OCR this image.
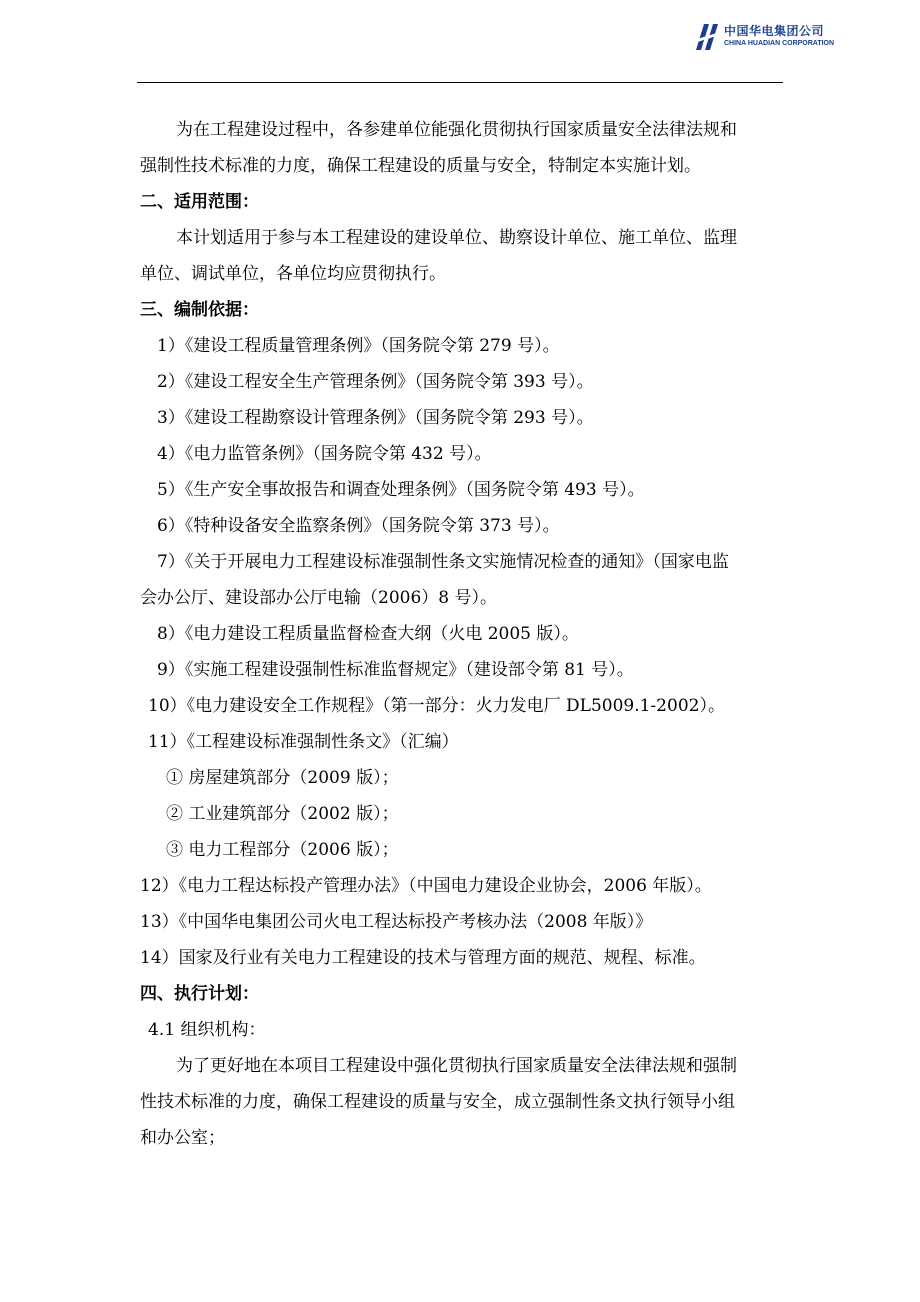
中国华电集团公司
CHINA HUADIAN CORPORATION
为在工程建设过程中，各参建单位能强化贯彻执行国家质量安全法律法规和
强制性技术标准的力度，确保工程建设的质量与安全，特制定本实施计划。
二、适用范围：
本计划适用于参与本工程建设的建设单位、勘察设计单位、施工单位、监理
单位、调试单位，各单位均应贯彻执行。
三、编制依据：
1）《建设工程质量管理条例》（国务院令第 279 号）。
2）《建设工程安全生产管理条例》（国务院令第 393 号）。
3）《建设工程勘察设计管理条例》（国务院令第 293 号）。
4）《电力监管条例》（国务院令第 432 号）。
5）《生产安全事故报告和调查处理条例》（国务院令第 493 号）。
6）《特种设备安全监察条例》（国务院令第 373 号）。
7）《关于开展电力工程建设标准强制性条文实施情况检查的通知》（国家电监
会办公厅、建设部办公厅电输（2006）8 号）。
8）《电力建设工程质量监督检查大纲（火电 2005 版）。
9）《实施工程建设强制性标准监督规定》（建设部令第 81 号）。
10）《电力建设安全工作规程》（第一部分：火力发电厂 DL5009.1-2002）。
11）《工程建设标准强制性条文》（汇编）
① 房屋建筑部分（2009 版）；
② 工业建筑部分（2002 版）；
③ 电力工程部分（2006 版）；
12）《电力工程达标投产管理办法》（中国电力建设企业协会，2006 年版）。
13）《中国华电集团公司火电工程达标投产考核办法（2008 年版）》
14）国家及行业有关电力工程建设的技术与管理方面的规范、规程、标准。
四、执行计划：
4.1 组织机构：
为了更好地在本项目工程建设中强化贯彻执行国家质量安全法律法规和强制
性技术标准的力度，确保工程建设的质量与安全，成立强制性条文执行领导小组
和办公室；
